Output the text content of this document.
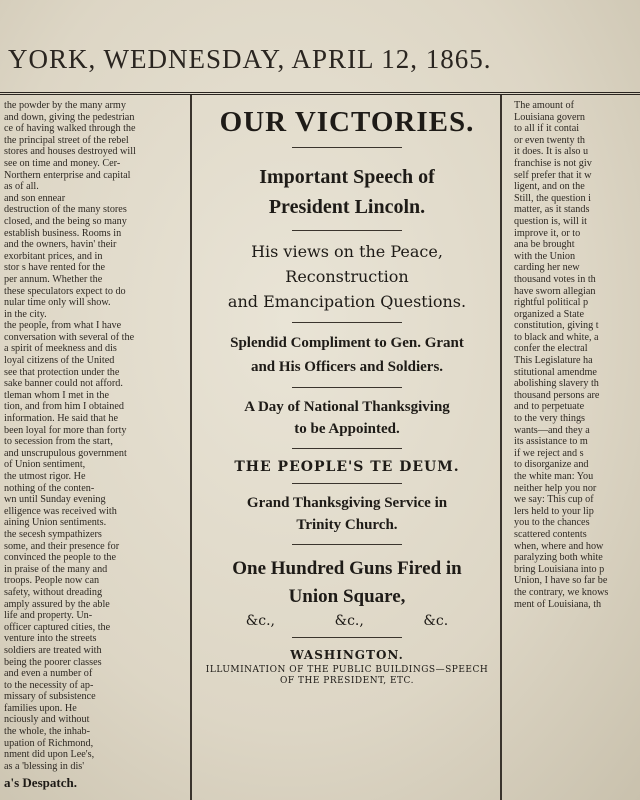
YORK, WEDNESDAY, APRIL 12, 1865.
the powder by the many army
and down, giving the pedestrian
ce of having walked through the
the principal street of the rebel
stores and houses destroyed will
see on time and money. Cer-
Northern enterprise and capital
as of all.
and son ennear
destruction of the many stores
closed, and the being so many
establish business. Rooms in
and the owners, havin' their
exorbitant prices, and in
stor s have rented for the
per annum. Whether the
these speculators expect to do
nular time only will show.
in the city.
the people, from what I have
conversation with several of the
a spirit of meekness and dis
loyal citizens of the United
see that protection under the
sake banner could not afford.
tleman whom I met in the
tion, and from him I obtained
information. He said that he
been loyal for more than forty
to secession from the start,
and unscrupulous government
of Union sentiment,
the utmost rigor. He
nothing of the conten-
wn until Sunday evening
elligence was received with
aining Union sentiments.
the secesh sympathizers
some, and their presence for
convinced the people to the
in praise of the many and
troops. People now can
safety, without dreading
amply assured by the able
life and property. Un-
officer captured cities, the
venture into the streets
soldiers are treated with
being the poorer classes
and even a number of
to the necessity of ap-
missary of subsistence
families upon. He
nciously and without
the whole, the inhab-
upation of Richmond,
nment did upon Lee's,
as a 'blessing in dis'
a's Despatch.
The amount of
Louisiana govern
to all if it contai
or even twenty th
it does. It is also u
franchise is not giv
self prefer that it w
ligent, and on the
Still, the question i
matter, as it stands
question is, will it
improve it, or to
ana be brought
with the Union
carding her new
thousand votes in th
have sworn allegian
rightful political p
organized a State
constitution, giving t
to black and white, a
confer the electral
This Legislature ha
stitutional amendme
abolishing slavery th
thousand persons are
and to perpetuate
to the very things
wants—and they a
its assistance to m
if we reject and s
to disorganize and
the white man: You
neither help you nor
we say: This cup of
lers held to your lip
you to the chances
scattered contents
when, where and how
paralyzing both white
bring Louisiana into p
Union, I have so far be
the contrary, we knows
ment of Louisiana, th
OUR VICTORIES.
Important Speech of
President Lincoln.
His views on the Peace, Reconstruction
and Emancipation Questions.
Splendid Compliment to Gen. Grant
and His Officers and Soldiers.
A Day of National Thanksgiving
to be Appointed.
THE PEOPLE'S TE DEUM.
Grand Thanksgiving Service in
Trinity Church.
One Hundred Guns Fired in
Union Square,
&c.,	&c.,	&c.
WASHINGTON.
ILLUMINATION OF THE PUBLIC BUILDINGS—SPEECH
OF THE PRESIDENT, ETC.
